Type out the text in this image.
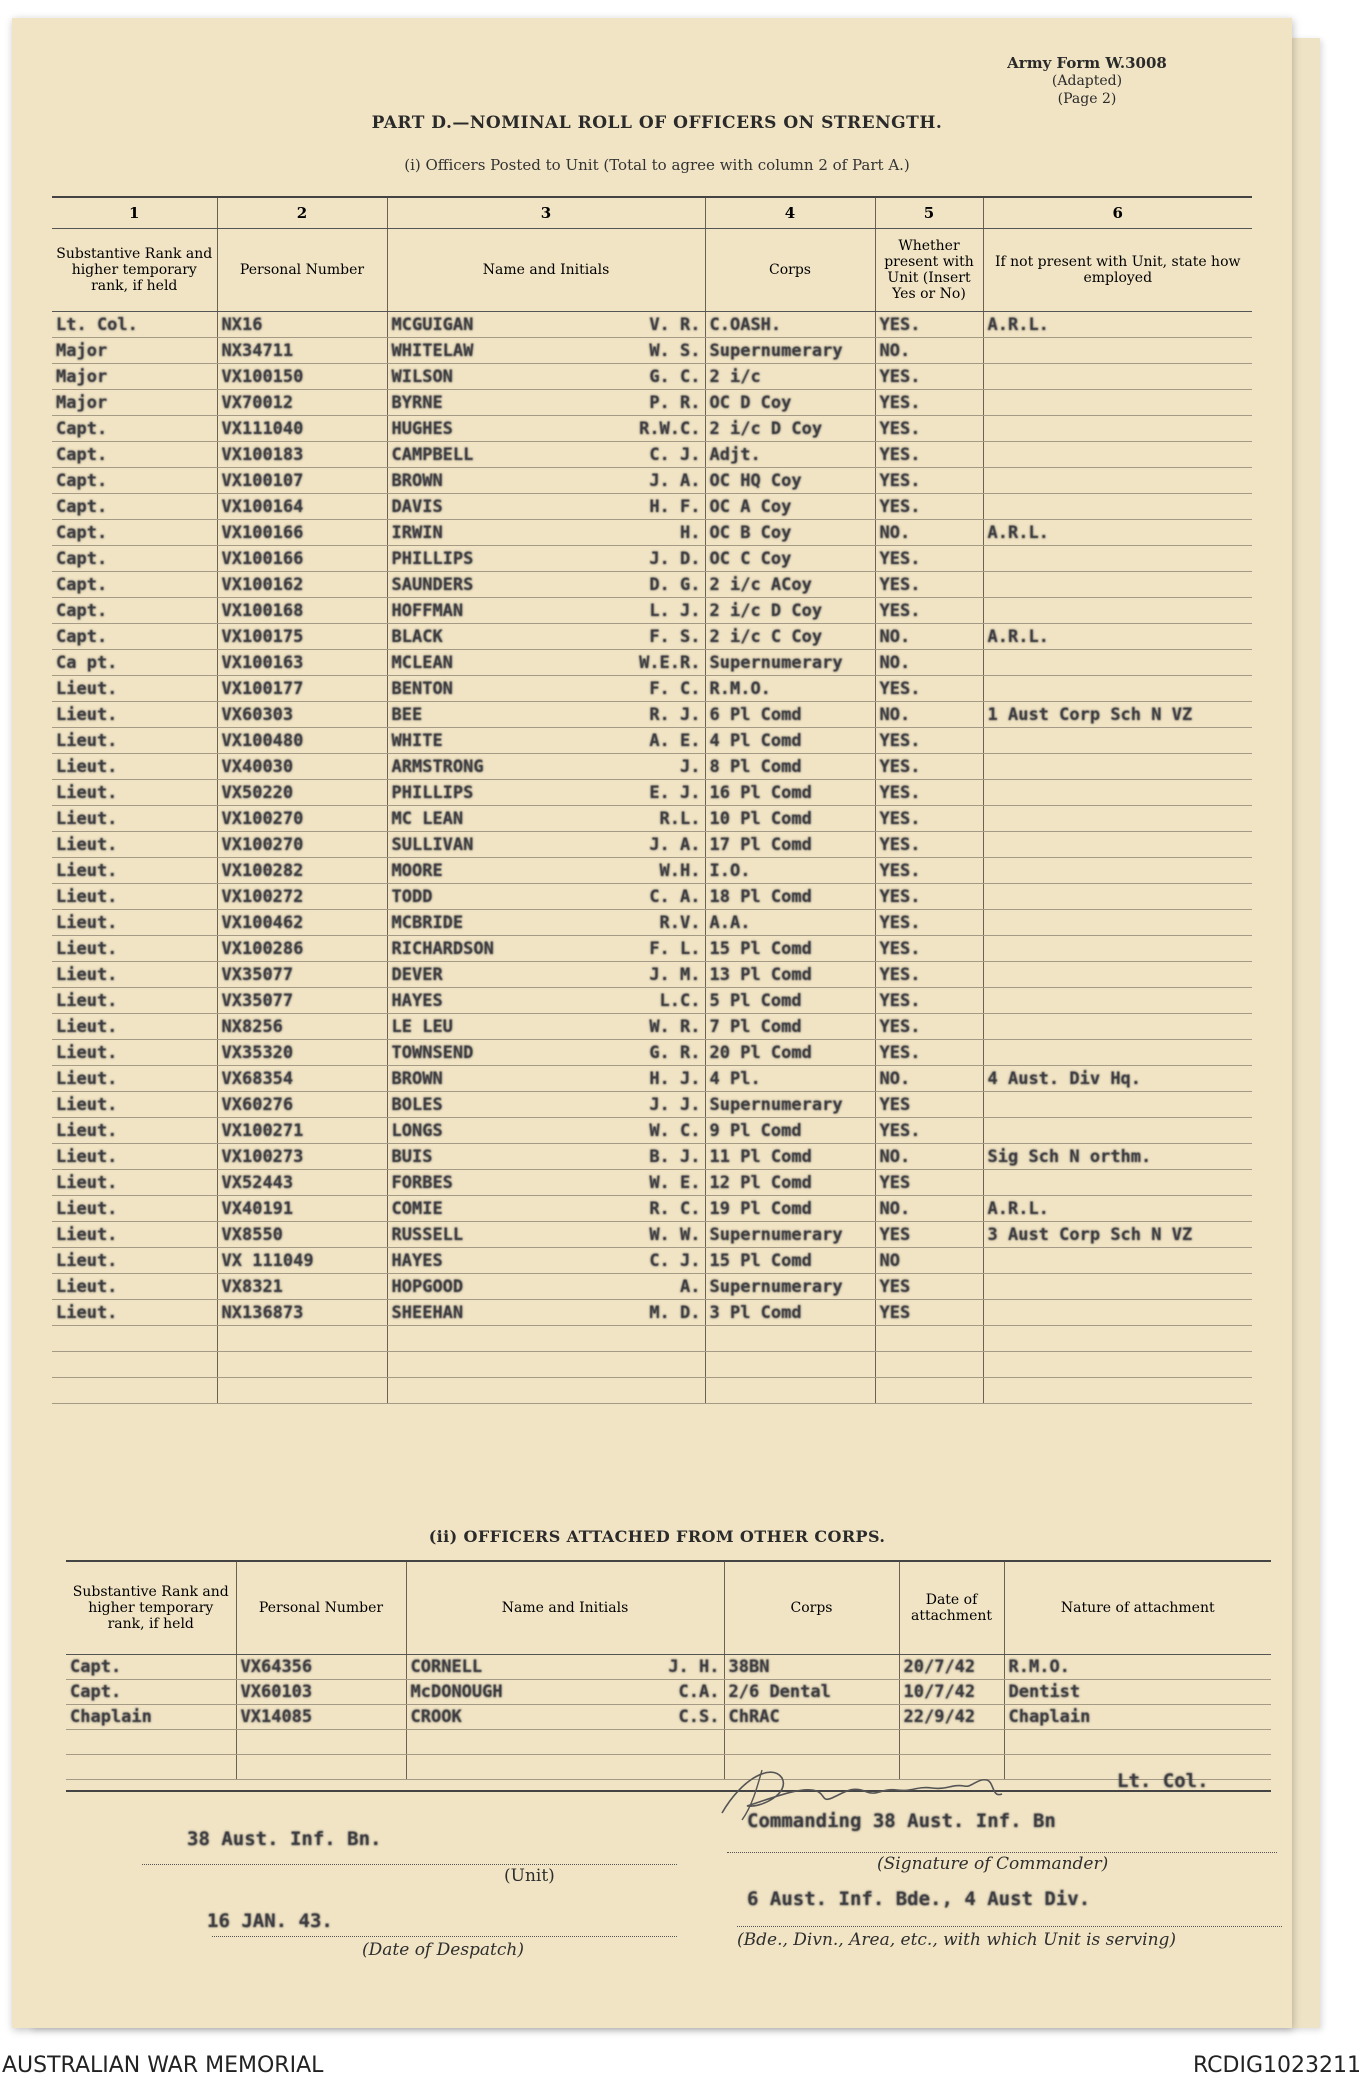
Army Form W.3008
(Adapted)
(Page 2)
PART D.—NOMINAL ROLL OF OFFICERS ON STRENGTH.
(i) Officers Posted to Unit (Total to agree with column 2 of Part A.)
1	2	3	4	5	6
Substantive Rank and higher temporary rank, if held	Personal Number	Name and Initials	Corps	Whether present with Unit (Insert Yes or No)	If not present with Unit, state how employed
Lt. Col.	NX16	MCGUIGAN V. R.	C.OASH.	YES.	A.R.L.
Major	NX34711	WHITELAW W. S.	Supernumerary	NO.	
Major	VX100150	WILSON G. C.	2 i/c	YES.	
Major	VX70012	BYRNE P. R.	OC D Coy	YES.	
Capt.	VX111040	HUGHES R.W.C.	2 i/c D Coy	YES.	
Capt.	VX100183	CAMPBELL C. J.	Adjt.	YES.	
Capt.	VX100107	BROWN J. A.	OC HQ Coy	YES.	
Capt.	VX100164	DAVIS H. F.	OC A Coy	YES.	
Capt.	VX100166	IRWIN H.	OC B Coy	NO.	A.R.L.
Capt.	VX100166	PHILLIPS J. D.	OC C Coy	YES.	
Capt.	VX100162	SAUNDERS D. G.	2 i/c ACoy	YES.	
Capt.	VX100168	HOFFMAN L. J.	2 i/c D Coy	YES.	
Capt.	VX100175	BLACK F. S.	2 i/c C Coy	NO.	A.R.L.
Ca pt.	VX100163	MCLEAN W.E.R.	Supernumerary	NO.	
Lieut.	VX100177	BENTON F. C.	R.M.O.	YES.	
Lieut.	VX60303	BEE R. J.	6 Pl Comd	NO.	1 Aust Corp Sch N VZ
Lieut.	VX100480	WHITE A. E.	4 Pl Comd	YES.	
Lieut.	VX40030	ARMSTRONG J.	8 Pl Comd	YES.	
Lieut.	VX50220	PHILLIPS E. J.	16 Pl Comd	YES.	
Lieut.	VX100270	MC LEAN R.L.	10 Pl Comd	YES.	
Lieut.	VX100270	SULLIVAN J. A.	17 Pl Comd	YES.	
Lieut.	VX100282	MOORE W.H.	I.O.	YES.	
Lieut.	VX100272	TODD C. A.	18 Pl Comd	YES.	
Lieut.	VX100462	MCBRIDE R.V.	A.A.	YES.	
Lieut.	VX100286	RICHARDSON F. L.	15 Pl Comd	YES.	
Lieut.	VX35077	DEVER J. M.	13 Pl Comd	YES.	
Lieut.	VX35077	HAYES L.C.	5 Pl Comd	YES.	
Lieut.	NX8256	LE LEU W. R.	7 Pl Comd	YES.	
Lieut.	VX35320	TOWNSEND G. R.	20 Pl Comd	YES.	
Lieut.	VX68354	BROWN H. J.	4 Pl.	NO.	4 Aust. Div Hq.
Lieut.	VX60276	BOLES J. J.	Supernumerary	YES	
Lieut.	VX100271	LONGS W. C.	9 Pl Comd	YES.	
Lieut.	VX100273	BUIS B. J.	11 Pl Comd	NO.	Sig Sch N orthm.
Lieut.	VX52443	FORBES W. E.	12 Pl Comd	YES	
Lieut.	VX40191	COMIE R. C.	19 Pl Comd	NO.	A.R.L.
Lieut.	VX8550	RUSSELL W. W.	Supernumerary	YES	3 Aust Corp Sch N VZ
Lieut.	VX 111049	HAYES C. J.	15 Pl Comd	NO	
Lieut.	VX8321	HOPGOOD A.	Supernumerary	YES	
Lieut.	NX136873	SHEEHAN M. D.	3 Pl Comd	YES	

(ii) OFFICERS ATTACHED FROM OTHER CORPS.
Substantive Rank and higher temporary rank, if held	Personal Number	Name and Initials	Corps	Date of attachment	Nature of attachment
Capt.	VX64356	CORNELL J. H.	38BN	20/7/42	R.M.O.
Capt.	VX60103	McDONOUGH C.A.	2/6 Dental	10/7/42	Dentist
Chaplain	VX14085	CROOK C.S.	ChRAC	22/9/42	Chaplain

Lt. Col.
Commanding 38 Aust. Inf. Bn
38 Aust. Inf. Bn.
(Unit)
(Signature of Commander)
16 JAN. 43.
(Date of Despatch)
6 Aust. Inf. Bde., 4 Aust Div.
(Bde., Divn., Area, etc., with which Unit is serving)
AUSTRALIAN WAR MEMORIAL	RCDIG1023211
